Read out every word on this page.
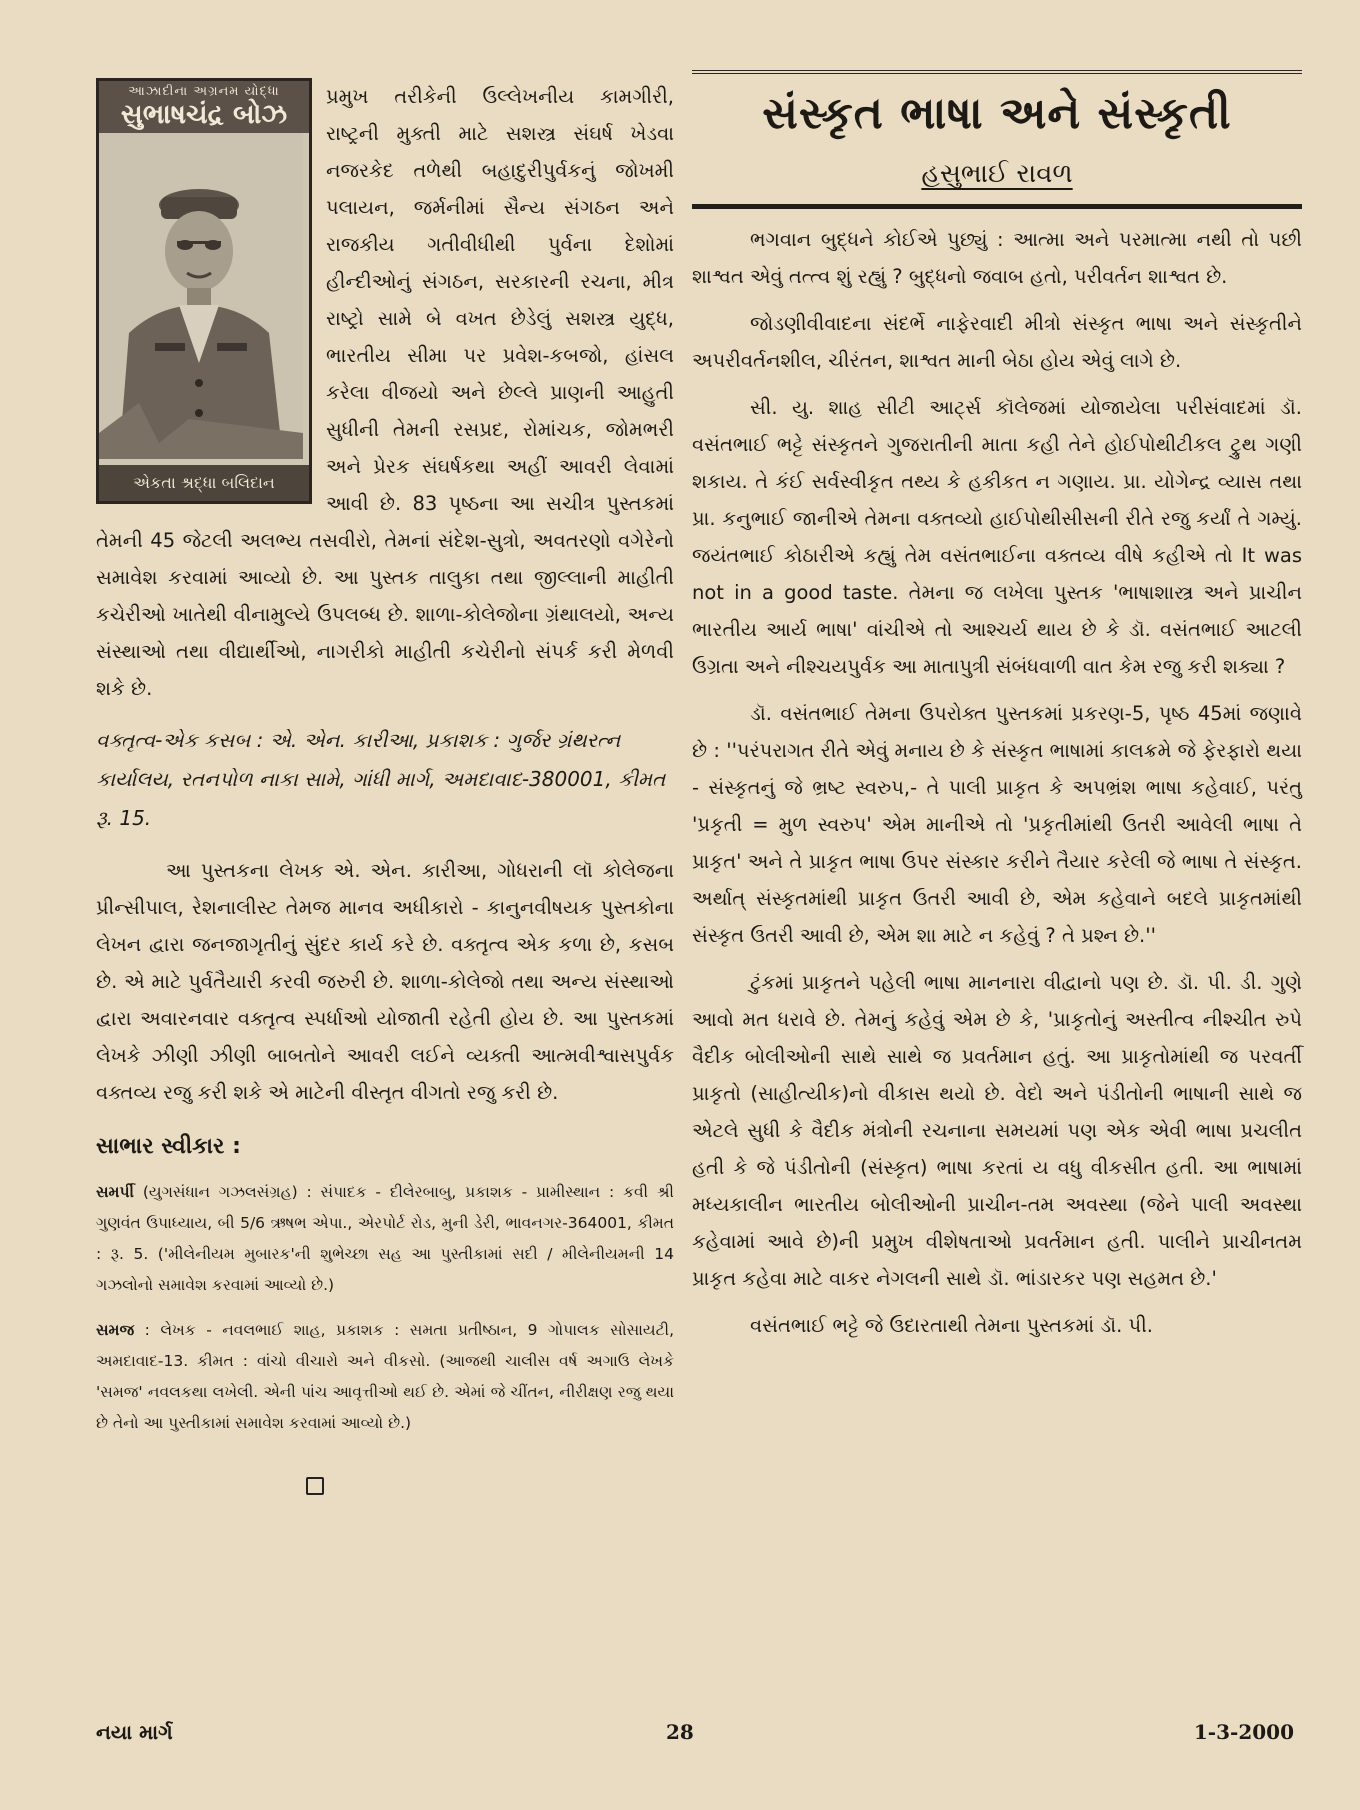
આઝાદીના અગ્રનમ યોદ્ધા
સુભાષચંદ્ર બોઝ
એકતા શ્રદ્ધા બલિદાન

પ્રમુખ તરીકેની ઉલ્લેખનીય કામગીરી, રાષ્ટ્રની મુક્તી માટે સશસ્ત્ર સંઘર્ષ ખેડવા નજરકેદ તળેથી બહાદુરીપુર્વકનું જોખમી પલાયન, જર્મનીમાં સૈન્ય સંગઠન અને રાજકીય ગતીવીધીથી પુર્વના દેશોમાં હીન્દીઓનું સંગઠન, સરકારની રચના, મીત્ર રાષ્ટ્રો સામે બે વખત છેડેલું સશસ્ત્ર યુદ્ધ, ભારતીય સીમા પર પ્રવેશ-કબજો, હાંસલ કરેલા વીજયો અને છેલ્લે પ્રાણની આહુતી સુધીની તેમની રસપ્રદ, રોમાંચક, જોમભરી અને પ્રેરક સંઘર્ષકથા અહીં આવરી લેવામાં આવી છે. 83 પૃષ્ઠના આ સચીત્ર પુસ્તકમાં તેમની 45 જેટલી અલભ્ય તસવીરો, તેમનાં સંદેશ-સુત્રો, અવતરણો વગેરેનો સમાવેશ કરવામાં આવ્યો છે. આ પુસ્તક તાલુકા તથા જીલ્લાની માહીતી કચેરીઓ ખાતેથી વીનામુલ્યે ઉપલબ્ધ છે. શાળા-કોલેજોના ગ્રંથાલયો, અન્ય સંસ્થાઓ તથા વીદ્યાર્થીઓ, નાગરીકો માહીતી કચેરીનો સંપર્ક કરી મેળવી શકે છે.

વક્તૃત્વ-એક કસબ : એ. એન. કારીઆ, પ્રકાશક : ગુર્જર ગ્રંથરત્ન કાર્યાલય, રતનપોળ નાકા સામે, ગાંધી માર્ગ, અમદાવાદ-380001, કીમત રૂ. 15.

આ પુસ્તકના લેખક એ. એન. કારીઆ, ગોધરાની લૉ કોલેજના પ્રીન્સીપાલ, રેશનાલીસ્ટ તેમજ માનવ અધીકારો - કાનુનવીષયક પુસ્તકોના લેખન દ્વારા જનજાગૃતીનું સુંદર કાર્ય કરે છે. વક્તૃત્વ એક કળા છે, કસબ છે. એ માટે પુર્વતૈયારી કરવી જરુરી છે. શાળા-કોલેજો તથા અન્ય સંસ્થાઓ દ્વારા અવારનવાર વક્તૃત્વ સ્પર્ધાઓ યોજાતી રહેતી હોય છે. આ પુસ્તકમાં લેખકે ઝીણી ઝીણી બાબતોને આવરી લઈને વ્યક્તી આત્મવીશ્વાસપુર્વક વક્તવ્ય રજુ કરી શકે એ માટેની વીસ્તૃત વીગતો રજુ કરી છે.

સાભાર સ્વીકાર :

સમર્પી (યુગસંધાન ગઝલસંગ્રહ) : સંપાદક - દીલેરબાબુ, પ્રકાશક - પ્રામીસ્થાન : કવી શ્રી ગુણવંત ઉપાધ્યાય, બી 5/6 ઋષભ એપા., એરપોર્ટ રોડ, મુની ડેરી, ભાવનગર-364001, કીમત : રૂ. 5. ('મીલેનીયમ મુબારક'ની શુભેચ્છા સહ આ પુસ્તીકામાં સદી / મીલેનીયમની 14 ગઝલોનો સમાવેશ કરવામાં આવ્યો છે.)

સમજ : લેખક - નવલભાઈ શાહ, પ્રકાશક : સમતા પ્રતીષ્ઠાન, 9 ગોપાલક સોસાયટી, અમદાવાદ-13. કીમત : વાંચો વીચારો અને વીકસો. (આજથી ચાલીસ વર્ષ અગાઉ લેખકે 'સમજ' નવલકથા લખેલી. એની પાંચ આવૃત્તીઓ થઈ છે. એમાં જે ચીંતન, નીરીક્ષણ રજુ થયા છે તેનો આ પુસ્તીકામાં સમાવેશ કરવામાં આવ્યો છે.)

સંસ્કૃત ભાષા અને સંસ્કૃતી
હસુભાઈ રાવળ

ભગવાન બુદ્ધને કોઈએ પુછ્યું : આત્મા અને પરમાત્મા નથી તો પછી શાશ્વત એવું તત્ત્વ શું રહ્યું ? બુદ્ધનો જવાબ હતો, પરીવર્તન શાશ્વત છે.

જોડણીવીવાદના સંદર્ભે નાફેરવાદી મીત્રો સંસ્કૃત ભાષા અને સંસ્કૃતીને અપરીવર્તનશીલ, ચીરંતન, શાશ્વત માની બેઠા હોય એવું લાગે છે.

સી. યુ. શાહ સીટી આર્ટ્સ કૉલેજમાં યોજાયેલા પરીસંવાદમાં ડૉ. વસંતભાઈ ભટ્ટે સંસ્કૃતને ગુજરાતીની માતા કહી તેને હોઈપોથીટીકલ ટ્રુથ ગણી શકાય. તે કંઈ સર્વસ્વીકૃત તથ્ય કે હકીકત ન ગણાય. પ્રા. યોગેન્દ્ર વ્યાસ તથા પ્રા. કનુભાઈ જાનીએ તેમના વક્તવ્યો હાઈપોથીસીસની રીતે રજુ કર્યાં તે ગમ્યું. જયંતભાઈ કોઠારીએ કહ્યું તેમ વસંતભાઈના વક્તવ્ય વીષે કહીએ તો It was not in a good taste. તેમના જ લખેલા પુસ્તક 'ભાષાશાસ્ત્ર અને પ્રાચીન ભારતીય આર્ય ભાષા' વાંચીએ તો આશ્ચર્ય થાય છે કે ડૉ. વસંતભાઈ આટલી ઉગ્રતા અને નીશ્ચયપુર્વક આ માતાપુત્રી સંબંધવાળી વાત કેમ રજુ કરી શક્યા ?

ડૉ. વસંતભાઈ તેમના ઉપરોક્ત પુસ્તકમાં પ્રકરણ-5, પૃષ્ઠ 45માં જણાવે છે : ''પરંપરાગત રીતે એવું મનાય છે કે સંસ્કૃત ભાષામાં કાલક્રમે જે ફેરફારો થયા - સંસ્કૃતનું જે ભ્રષ્ટ સ્વરુપ,- તે પાલી પ્રાકૃત કે અપભ્રંશ ભાષા કહેવાઈ, પરંતુ 'પ્રકૃતી = મુળ સ્વરુપ' એમ માનીએ તો 'પ્રકૃતીમાંથી ઉતરી આવેલી ભાષા તે પ્રાકૃત' અને તે પ્રાકૃત ભાષા ઉપર સંસ્કાર કરીને તૈયાર કરેલી જે ભાષા તે સંસ્કૃત. અર્થાત્ સંસ્કૃતમાંથી પ્રાકૃત ઉતરી આવી છે, એમ કહેવાને બદલે પ્રાકૃતમાંથી સંસ્કૃત ઉતરી આવી છે, એમ શા માટે ન કહેવું ? તે પ્રશ્ન છે.''

ટુંકમાં પ્રાકૃતને પહેલી ભાષા માનનારા વીદ્વાનો પણ છે. ડૉ. પી. ડી. ગુણે આવો મત ધરાવે છે. તેમનું કહેવું એમ છે કે, 'પ્રાકૃતોનું અસ્તીત્વ નીશ્ચીત રુપે વૈદીક બોલીઓની સાથે સાથે જ પ્રવર્તમાન હતું. આ પ્રાકૃતોમાંથી જ પરવર્તી પ્રાકૃતો (સાહીત્યીક)નો વીકાસ થયો છે. વેદો અને પંડીતોની ભાષાની સાથે જ એટલે સુધી કે વૈદીક મંત્રોની રચનાના સમયમાં પણ એક એવી ભાષા પ્રચલીત હતી કે જે પંડીતોની (સંસ્કૃત) ભાષા કરતાં ય વધુ વીકસીત હતી. આ ભાષામાં મધ્યકાલીન ભારતીય બોલીઓની પ્રાચીન-તમ અવસ્થા (જેને પાલી અવસ્થા કહેવામાં આવે છે)ની પ્રમુખ વીશેષતાઓ પ્રવર્તમાન હતી. પાલીને પ્રાચીનતમ પ્રાકૃત કહેવા માટે વાકર નેગલની સાથે ડૉ. ભાંડારકર પણ સહમત છે.'

વસંતભાઈ ભટ્ટે જે ઉદારતાથી તેમના પુસ્તકમાં ડૉ. પી.

નયા માર્ગ	28	1-3-2000
